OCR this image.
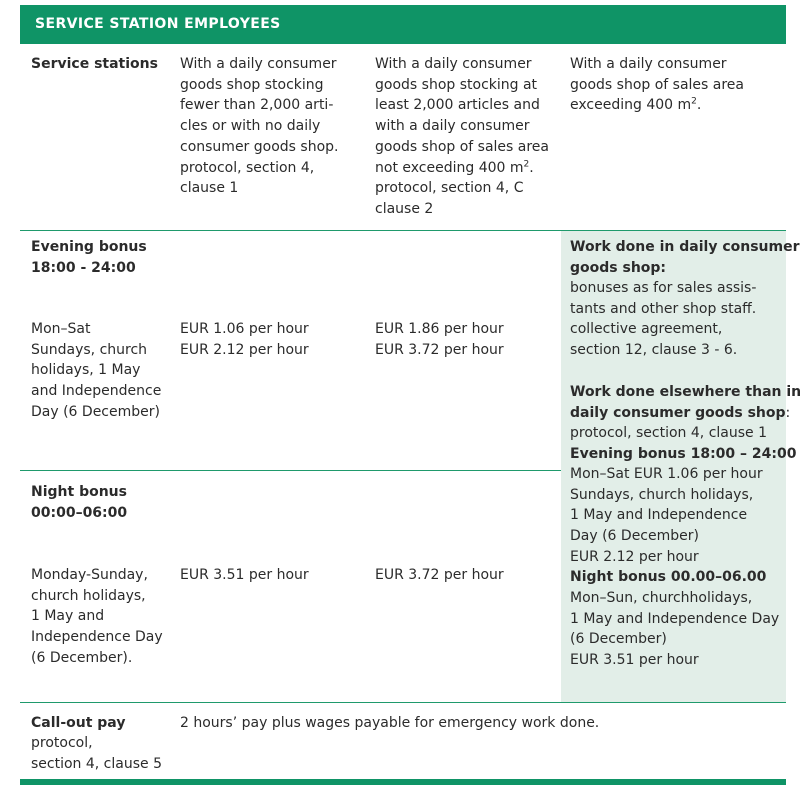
SERVICE STATION EMPLOYEES
Service stations With a daily consumer
goods shop stocking
fewer than 2,000 arti-
cles or with no daily
consumer goods shop.
protocol, section 4,
clause 1
With a daily consumer
goods shop stocking at
least 2,000 articles and
with a daily consumer
goods shop of sales area
not exceeding 400 $m^2$.
protocol, section 4, C
clause 2
With a daily consumer
goods shop of sales area
exceeding 400 $m^2$.
Evening bonus
18:00 - 24:00
Mon–Sat
Sundays, church
holidays, 1 May
and Independence
Day (6 December)
EUR 1.06 per hour
EUR 2.12 per hour
EUR 1.86 per hour
EUR 3.72 per hour
Work done in daily consumer
goods shop:
bonuses as for sales assis-
tants and other shop staff.
collective agreement,
section 12, clause 3 - 6.
Work done elsewhere than in
daily consumer goods shop:
protocol, section 4, clause 1
Evening bonus 18:00 – 24:00
Mon–Sat EUR 1.06 per hour
Sundays, church holidays,
1 May and Independence
Day (6 December)
EUR 2.12 per hour
Night bonus 00.00–06.00
Mon–Sun, churchholidays,
1 May and Independence Day
(6 December)
EUR 3.51 per hour
Night bonus
00:00–06:00
Monday-Sunday,
church holidays,
1 May and
Independence Day
(6 December).
EUR 3.51 per hour	EUR 3.72 per hour
Call-out pay
protocol,
section 4, clause 5
2 hours’ pay plus wages payable for emergency work done.
